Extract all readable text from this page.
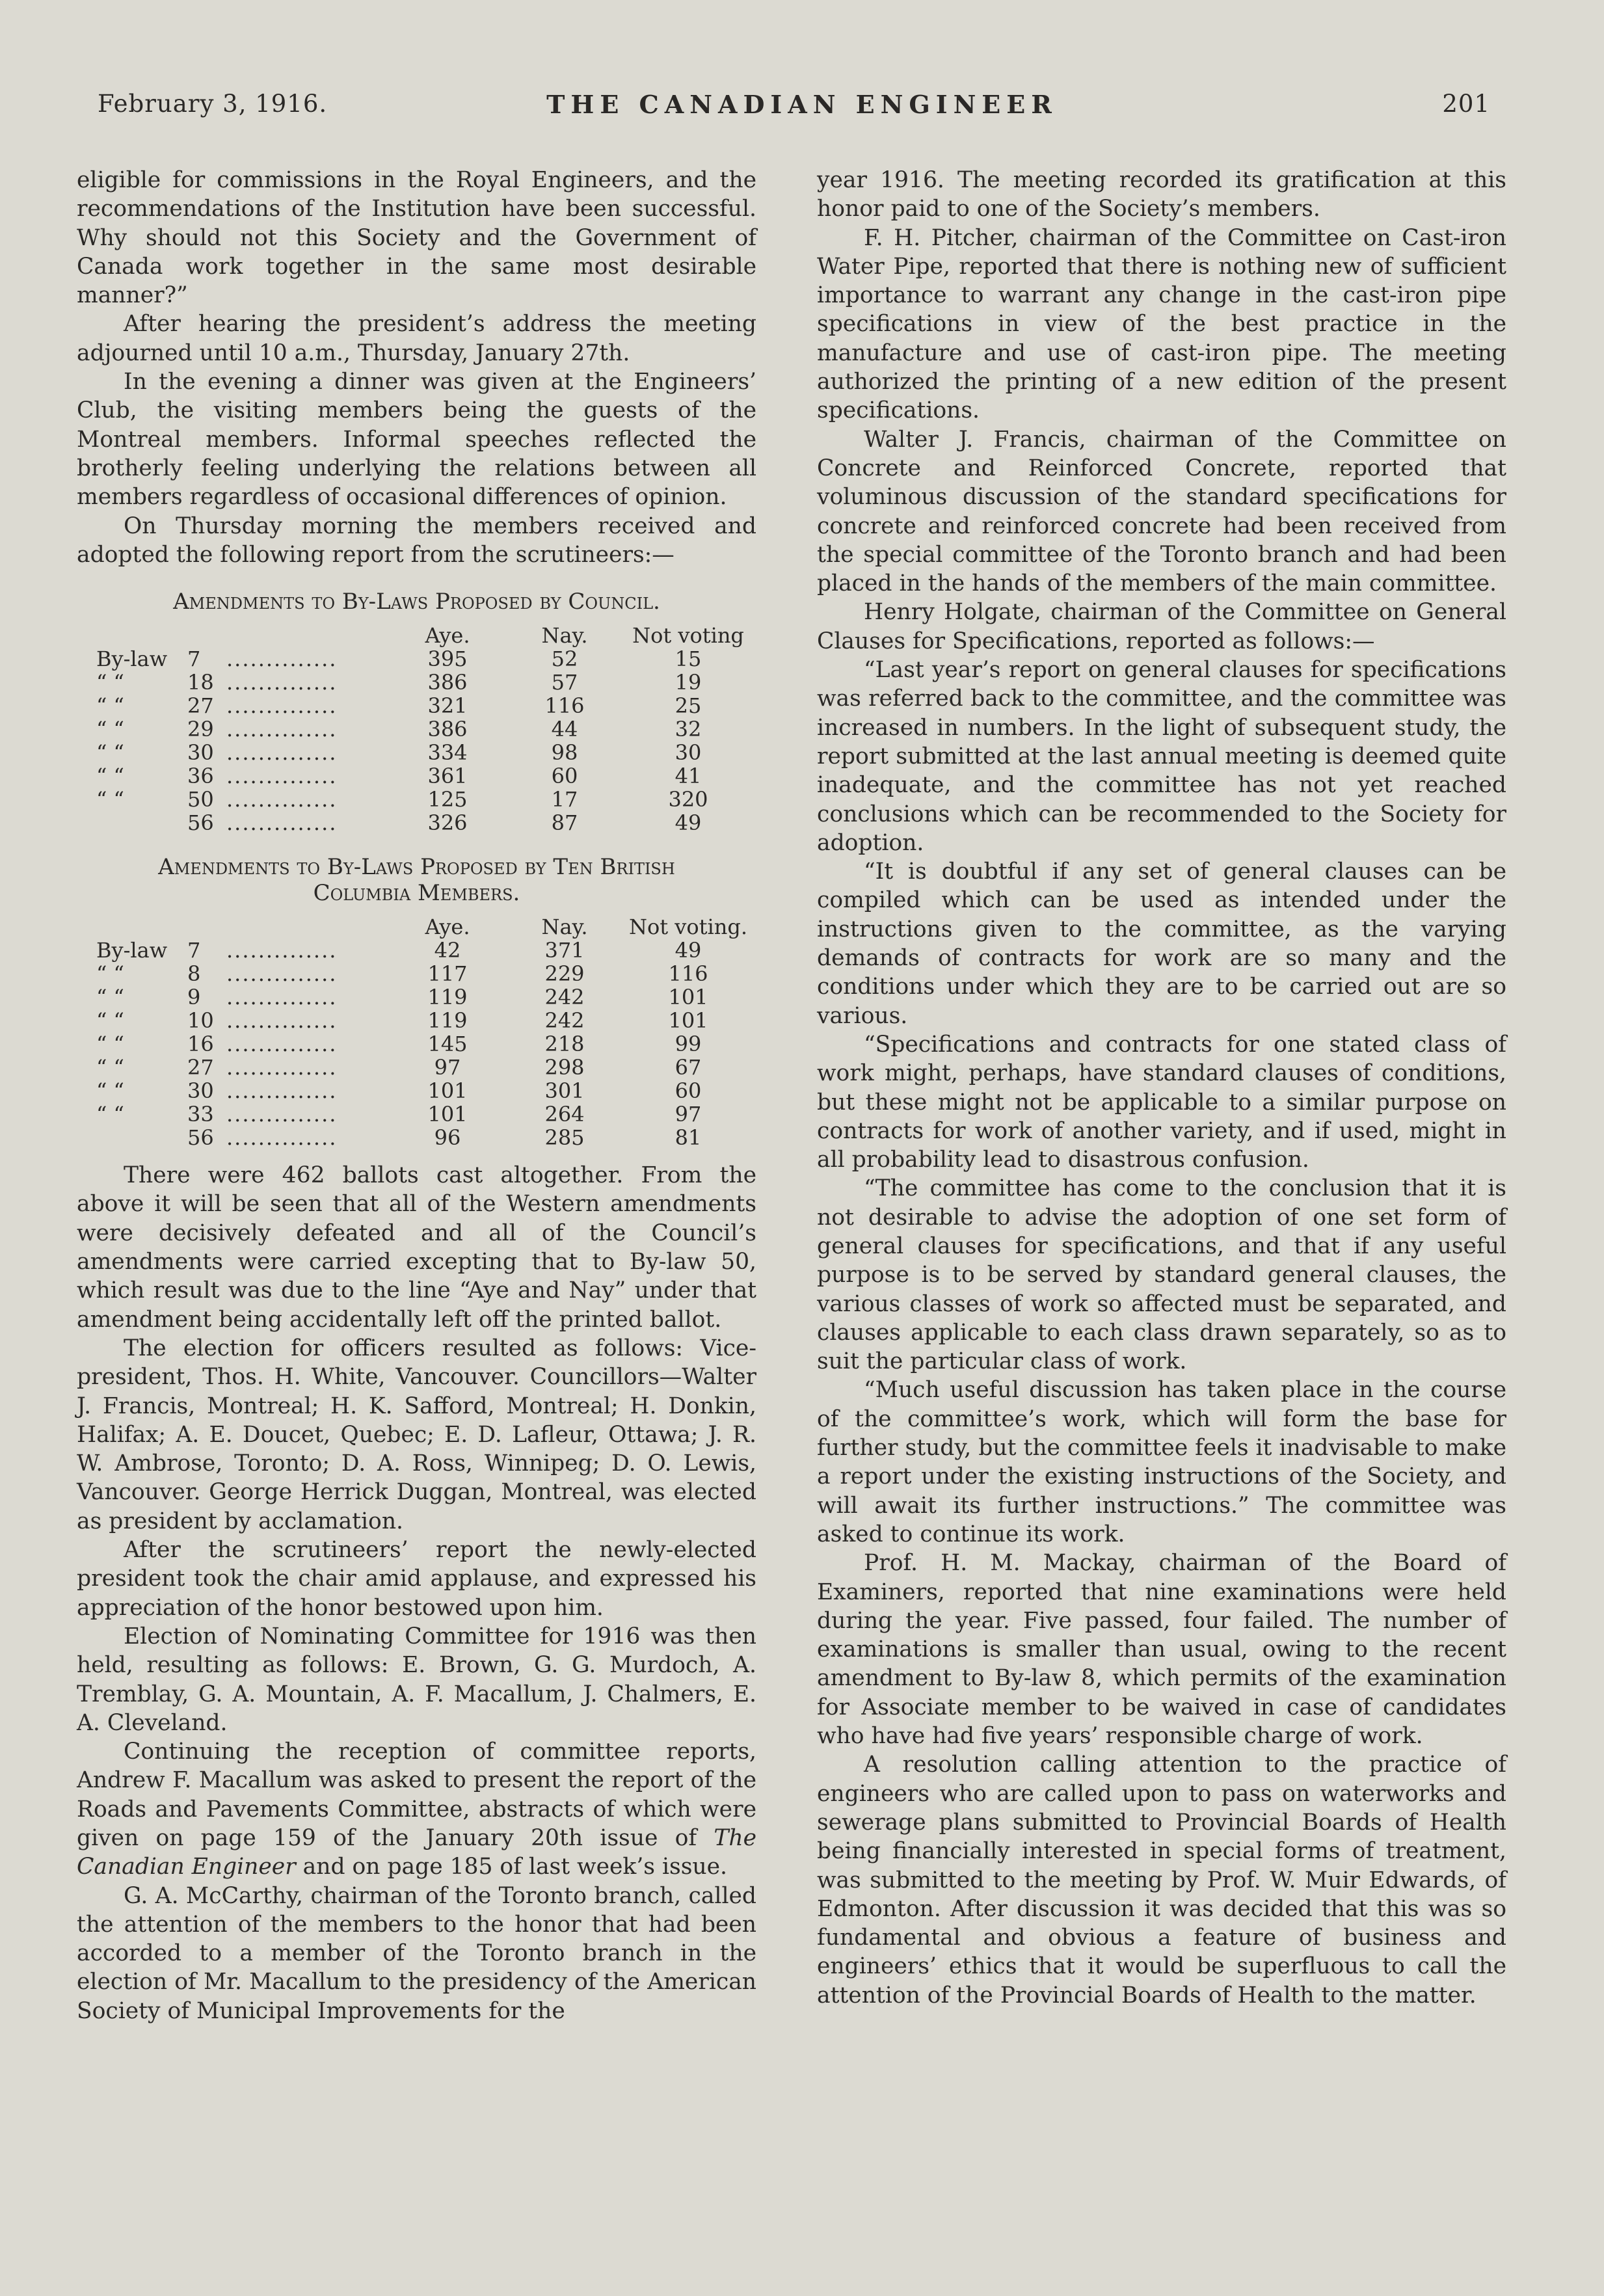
February 3, 1916.	THE CANADIAN ENGINEER	201

eligible for commissions in the Royal Engineers, and the recommendations of the Institution have been successful. Why should not this Society and the Government of Canada work together in the same most desirable manner?”

After hearing the president’s address the meeting adjourned until 10 a.m., Thursday, January 27th.

In the evening a dinner was given at the Engineers’ Club, the visiting members being the guests of the Montreal members. Informal speeches reflected the brotherly feeling underlying the relations between all members regardless of occasional differences of opinion.

On Thursday morning the members received and adopted the following report from the scrutineers:—

Amendments to By-Laws Proposed by Council.
			Aye.	Nay.	Not voting
By-law	7	..............	395	52	15
“ “	18	..............	386	57	19
“ “	27	..............	321	116	25
“ “	29	..............	386	44	32
“ “	30	..............	334	98	30
“ “	36	..............	361	60	41
“ “	50	..............	125	17	320
	56	..............	326	87	49
Amendments to By-Laws Proposed by Ten British
Columbia Members.
			Aye.	Nay.	Not voting.
By-law	7	..............	42	371	49
“ “	8	..............	117	229	116
“ “	9	..............	119	242	101
“ “	10	..............	119	242	101
“ “	16	..............	145	218	99
“ “	27	..............	97	298	67
“ “	30	..............	101	301	60
“ “	33	..............	101	264	97
	56	..............	96	285	81

There were 462 ballots cast altogether. From the above it will be seen that all of the Western amendments were decisively defeated and all of the Council’s amendments were carried excepting that to By-law 50, which result was due to the line “Aye and Nay” under that amendment being accidentally left off the printed ballot.

The election for officers resulted as follows: Vice-president, Thos. H. White, Vancouver. Councillors—Walter J. Francis, Montreal; H. K. Safford, Montreal; H. Donkin, Halifax; A. E. Doucet, Quebec; E. D. Lafleur, Ottawa; J. R. W. Ambrose, Toronto; D. A. Ross, Winnipeg; D. O. Lewis, Vancouver. George Herrick Duggan, Montreal, was elected as president by acclamation.

After the scrutineers’ report the newly-elected president took the chair amid applause, and expressed his appreciation of the honor bestowed upon him.

Election of Nominating Committee for 1916 was then held, resulting as follows: E. Brown, G. G. Murdoch, A. Tremblay, G. A. Mountain, A. F. Macallum, J. Chalmers, E. A. Cleveland.

Continuing the reception of committee reports, Andrew F. Macallum was asked to present the report of the Roads and Pavements Committee, abstracts of which were given on page 159 of the January 20th issue of The Canadian Engineer and on page 185 of last week’s issue.

G. A. McCarthy, chairman of the Toronto branch, called the attention of the members to the honor that had been accorded to a member of the Toronto branch in the election of Mr. Macallum to the presidency of the American Society of Municipal Improvements for the

year 1916. The meeting recorded its gratification at this honor paid to one of the Society’s members.

F. H. Pitcher, chairman of the Committee on Cast-iron Water Pipe, reported that there is nothing new of sufficient importance to warrant any change in the cast-iron pipe specifications in view of the best practice in the manufacture and use of cast-iron pipe. The meeting authorized the printing of a new edition of the present specifications.

Walter J. Francis, chairman of the Committee on Concrete and Reinforced Concrete, reported that voluminous discussion of the standard specifications for concrete and reinforced concrete had been received from the special committee of the Toronto branch and had been placed in the hands of the members of the main committee.

Henry Holgate, chairman of the Committee on General Clauses for Specifications, reported as follows:—

“Last year’s report on general clauses for specifications was referred back to the committee, and the committee was increased in numbers. In the light of subsequent study, the report submitted at the last annual meeting is deemed quite inadequate, and the committee has not yet reached conclusions which can be recommended to the Society for adoption.

“It is doubtful if any set of general clauses can be compiled which can be used as intended under the instructions given to the committee, as the varying demands of contracts for work are so many and the conditions under which they are to be carried out are so various.

“Specifications and contracts for one stated class of work might, perhaps, have standard clauses of conditions, but these might not be applicable to a similar purpose on contracts for work of another variety, and if used, might in all probability lead to disastrous confusion.

“The committee has come to the conclusion that it is not desirable to advise the adoption of one set form of general clauses for specifications, and that if any useful purpose is to be served by standard general clauses, the various classes of work so affected must be separated, and clauses applicable to each class drawn separately, so as to suit the particular class of work.

“Much useful discussion has taken place in the course of the committee’s work, which will form the base for further study, but the committee feels it inadvisable to make a report under the existing instructions of the Society, and will await its further instructions.” The committee was asked to continue its work.

Prof. H. M. Mackay, chairman of the Board of Examiners, reported that nine examinations were held during the year. Five passed, four failed. The number of examinations is smaller than usual, owing to the recent amendment to By-law 8, which permits of the examination for Associate member to be waived in case of candidates who have had five years’ responsible charge of work.

A resolution calling attention to the practice of engineers who are called upon to pass on waterworks and sewerage plans submitted to Provincial Boards of Health being financially interested in special forms of treatment, was submitted to the meeting by Prof. W. Muir Edwards, of Edmonton. After discussion it was decided that this was so fundamental and obvious a feature of business and engineers’ ethics that it would be superfluous to call the attention of the Provincial Boards of Health to the matter.
